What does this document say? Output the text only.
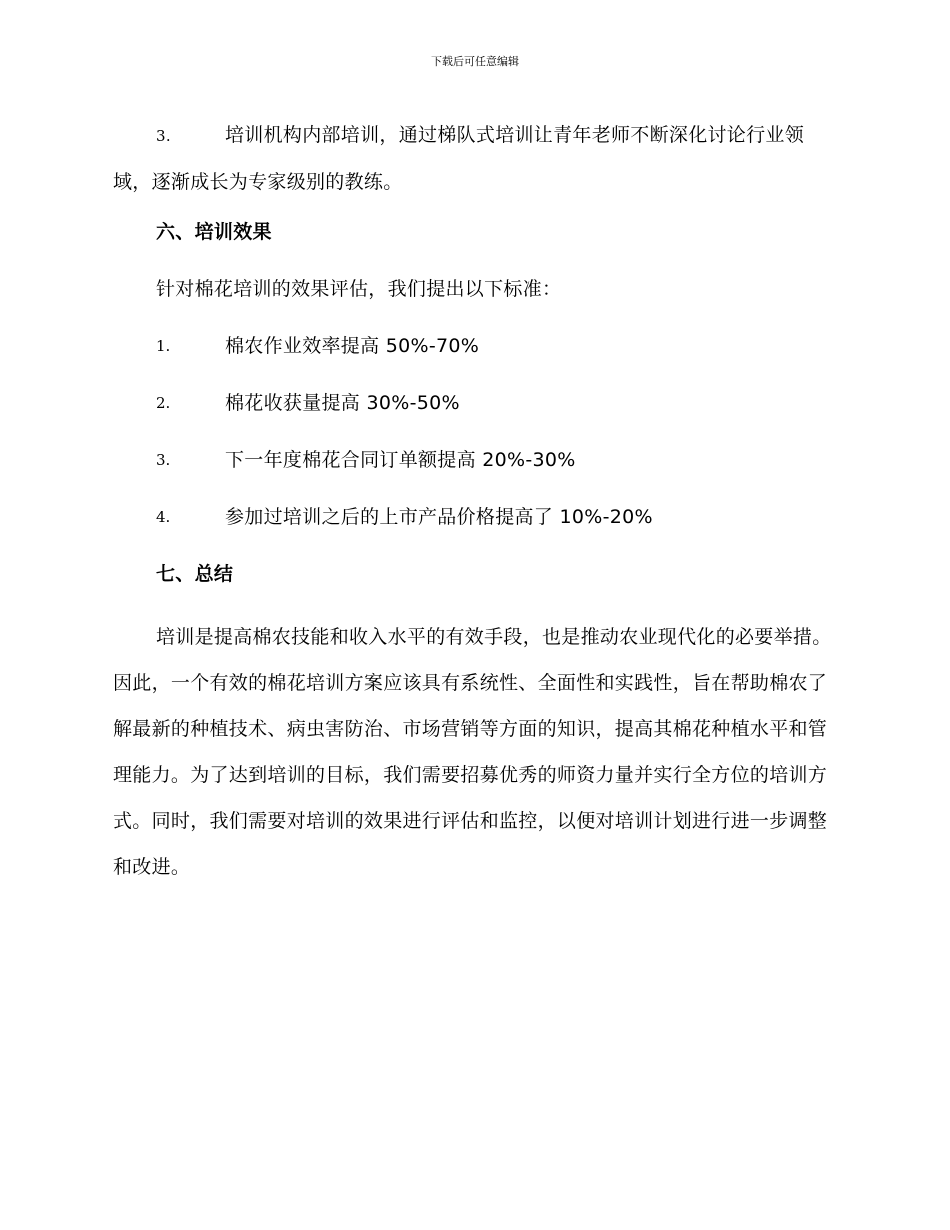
下载后可任意编辑

3.	培训机构内部培训，通过梯队式培训让青年老师不断深化讨论行业领域，逐渐成长为专家级别的教练。

六、培训效果

针对棉花培训的效果评估，我们提出以下标准：

1.	棉农作业效率提高 50%-70%
2.	棉花收获量提高 30%-50%
3.	下一年度棉花合同订单额提高 20%-30%
4.	参加过培训之后的上市产品价格提高了 10%-20%

七、总结

培训是提高棉农技能和收入水平的有效手段，也是推动农业现代化的必要举措。因此，一个有效的棉花培训方案应该具有系统性、全面性和实践性，旨在帮助棉农了解最新的种植技术、病虫害防治、市场营销等方面的知识，提高其棉花种植水平和管理能力。为了达到培训的目标，我们需要招募优秀的师资力量并实行全方位的培训方式。同时，我们需要对培训的效果进行评估和监控，以便对培训计划进行进一步调整和改进。
